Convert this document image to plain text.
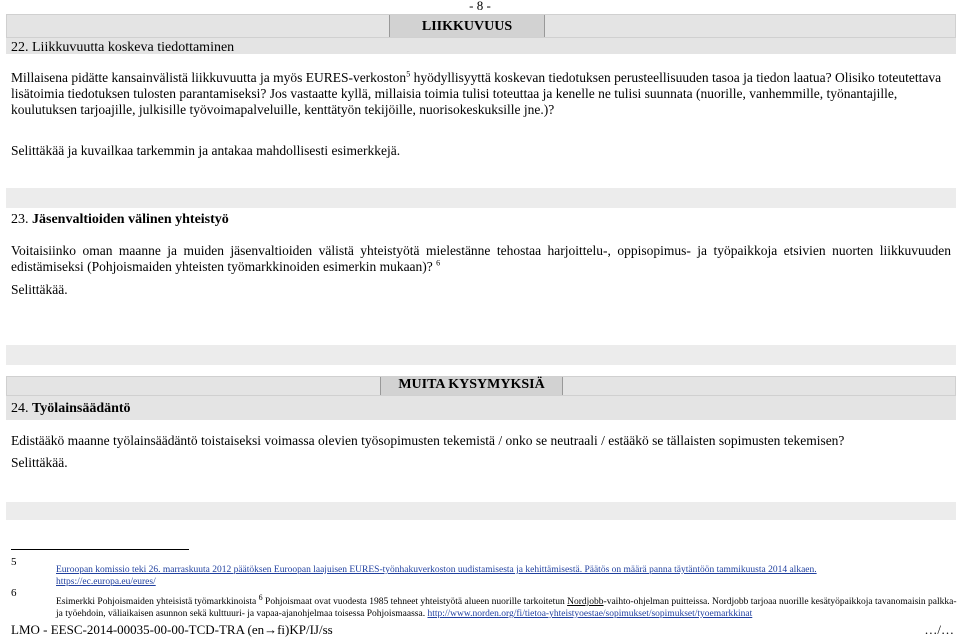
- 8 -
LIIKKUVUUS
22. Liikkuvuutta koskeva tiedottaminen
Millaisena pidätte kansainvälistä liikkuvuutta ja myös EURES-verkoston$^5$ hyödyllisyyttä koskevan tiedotuksen perusteellisuuden tasoa ja tiedon laatua? Olisiko toteutettava lisätoimia tiedotuksen tulosten parantamiseksi? Jos vastaatte kyllä, millaisia toimia tulisi toteuttaa ja kenelle ne tulisi suunnata (nuorille, vanhemmille, työnantajille, koulutuksen tarjoajille, julkisille työvoimapalveluille, kenttätyön tekijöille, nuorisokeskuksille jne.)?
Selittäkää ja kuvailkaa tarkemmin ja antakaa mahdollisesti esimerkkejä.
23. Jäsenvaltioiden välinen yhteistyö
Voitaisiinko oman maanne ja muiden jäsenvaltioiden välistä yhteistyötä mielestänne tehostaa harjoittelu-, oppisopimus- ja työpaikkoja etsivien nuorten liikkuvuuden edistämiseksi (Pohjoismaiden yhteisten työmarkkinoiden esimerkin mukaan)? $^6$
Selittäkää.
MUITA KYSYMYKSIÄ
24. Työlainsäädäntö
Edistääkö maanne työlainsäädäntö toistaiseksi voimassa olevien työsopimusten tekemistä / onko se neutraali / estääkö se tällaisten sopimusten tekemisen?
Selittäkää.
5
Euroopan komissio teki 26. marraskuuta 2012 päätöksen Euroopan laajuisen EURES-työnhakuverkoston uudistamisesta ja kehittämisestä. Päätös on määrä panna täytäntöön tammikuusta 2014 alkaen.
https://ec.europa.eu/eures/
6
Esimerkki Pohjoismaiden yhteisistä työmarkkinoista $^6$ Pohjoismaat ovat vuodesta 1985 tehneet yhteistyötä alueen nuorille tarkoitetun Nordjobb-vaihto-ohjelman puitteissa. Nordjobb tarjoaa nuorille kesätyöpaikkoja tavanomaisin palkka- ja työehdoin, väliaikaisen asunnon sekä kulttuuri- ja vapaa-ajanohjelmaa toisessa Pohjoismaassa. http://www.norden.org/fi/tietoa-yhteistyoestae/sopimukset/sopimukset/tyoemarkkinat
LMO - EESC-2014-00035-00-00-TCD-TRA (en→fi)KP/IJ/ss	…/…
